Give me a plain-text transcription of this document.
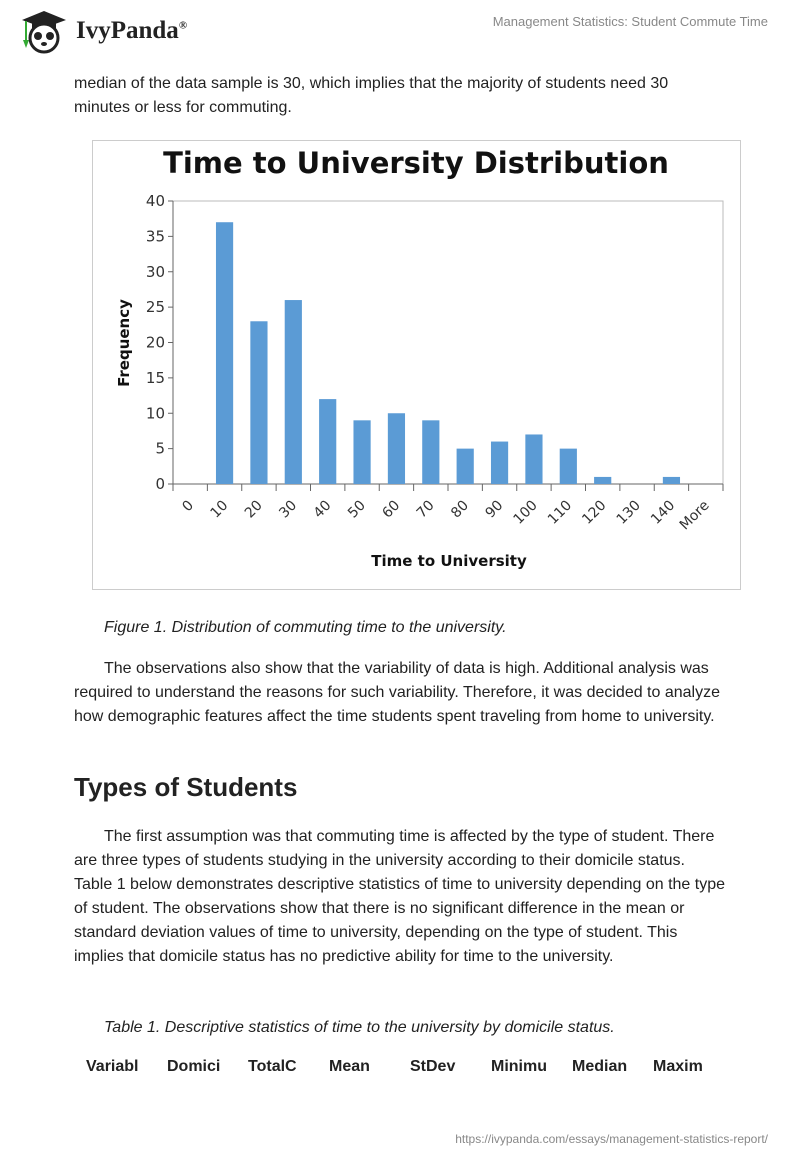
IvyPanda®	Management Statistics: Student Commute Time

median of the data sample is 30, which implies that the majority of students need 30 minutes or less for commuting.

Time to University Distribution
Time to University
Frequency
0
5
10
15
20
25
30
35
40
0 10 20 30 40 50 60 70 80 90 100 110 120 130 140
More

Figure 1. Distribution of commuting time to the university.

The observations also show that the variability of data is high. Additional analysis was required to understand the reasons for such variability. Therefore, it was decided to analyze how demographic features affect the time students spent traveling from home to university.

Types of Students

The first assumption was that commuting time is affected by the type of student. There are three types of students studying in the university according to their domicile status. Table 1 below demonstrates descriptive statistics of time to university depending on the type of student. The observations show that there is no significant difference in the mean or standard deviation values of time to university, depending on the type of student. This implies that domicile status has no predictive ability for time to the university.

Table 1. Descriptive statistics of time to the university by domicile status.

Variabl Domici TotalC Mean	StDev Minimu Median Maxim
https://ivypanda.com/essays/management-statistics-report/
